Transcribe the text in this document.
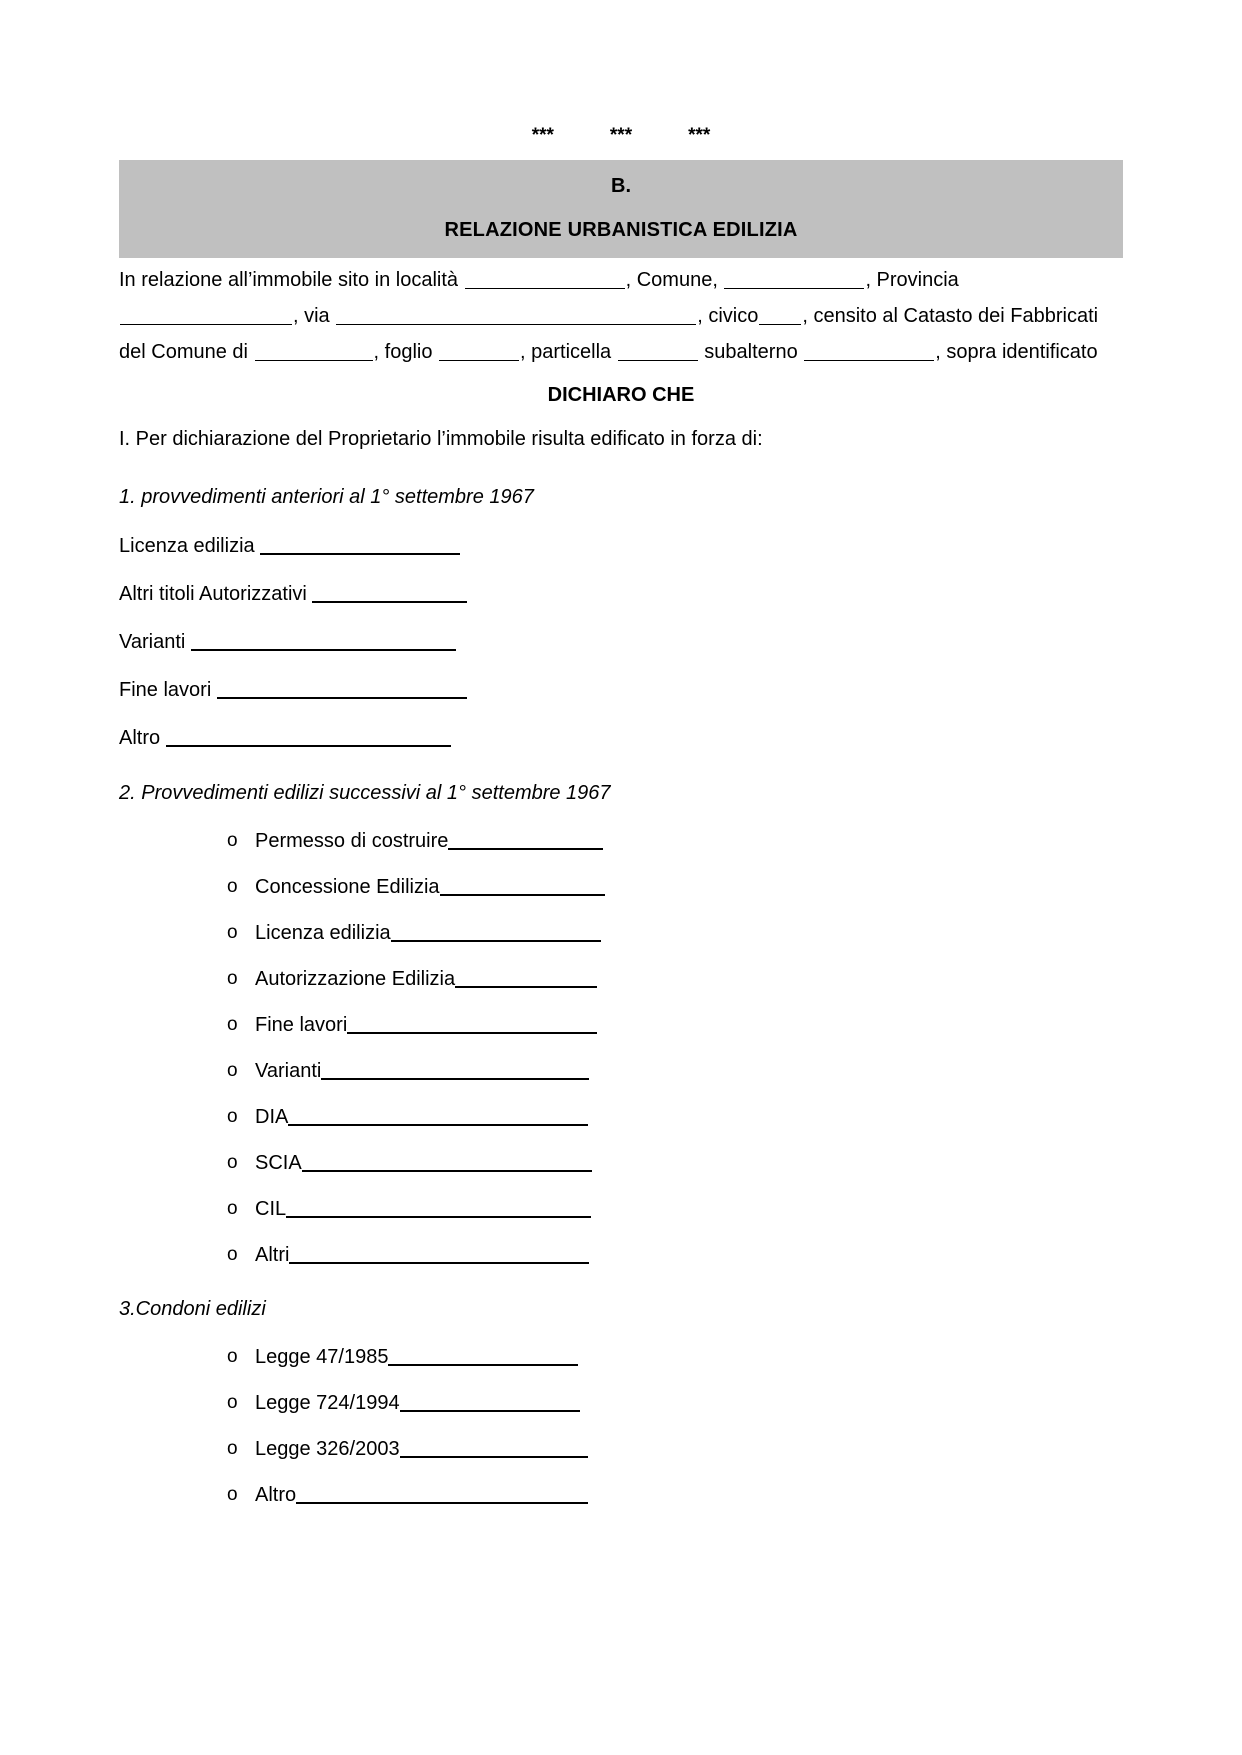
***	***	***
B.
RELAZIONE URBANISTICA EDILIZIA
In relazione all’immobile sito in località	, Comune,	, Provincia , via	, civico , censito al Catasto dei Fabbricati del Comune di	, foglio	, particella	subalterno	, sopra identificato
DICHIARO CHE
I. Per dichiarazione del Proprietario l’immobile risulta edificato in forza di:
1. provvedimenti anteriori al 1° settembre 1967
Licenza edilizia
Altri titoli Autorizzativi
Varianti
Fine lavori
Altro
2. Provvedimenti edilizi successivi al 1° settembre 1967
o Permesso di costruire
o Concessione Edilizia
o Licenza edilizia
o Autorizzazione Edilizia
o Fine lavori
o Varianti
o DIA
o SCIA
o CIL
o Altri
3.Condoni edilizi
o Legge 47/1985
o Legge 724/1994
o Legge 326/2003
o Altro
